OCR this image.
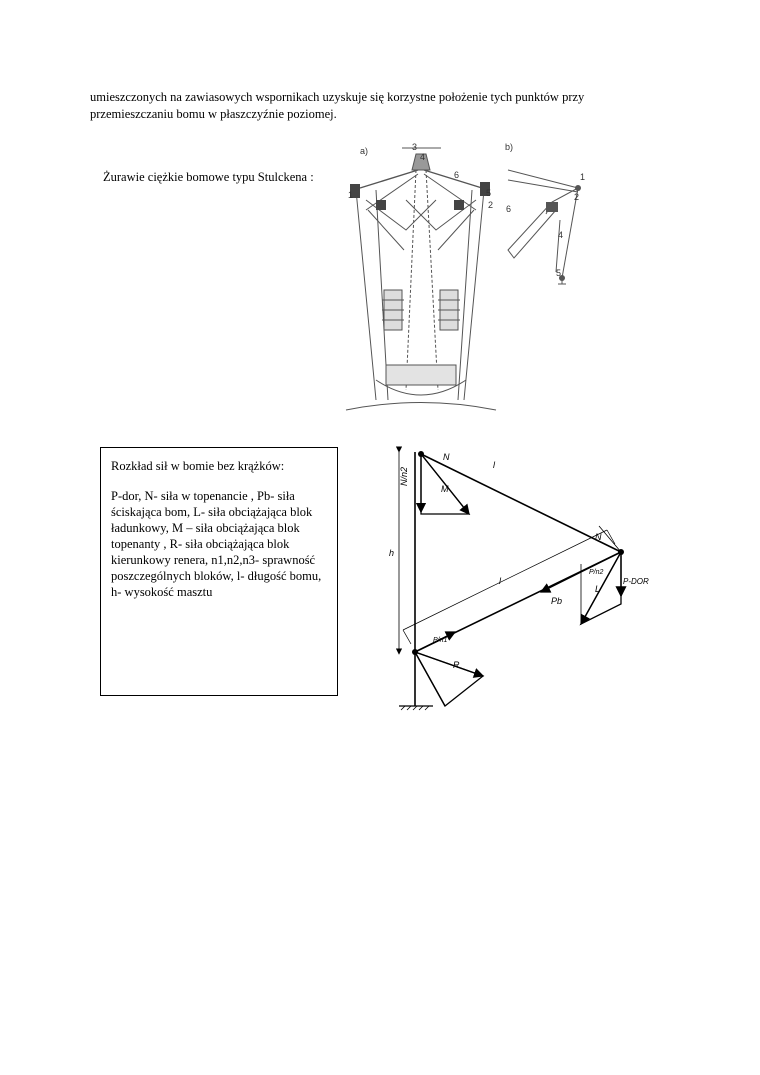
umieszczonych na zawiasowych wspornikach uzyskuje się korzystne położenie tych punktów przy przemieszczaniu bomu w płaszczyźnie poziomej.
Żurawie ciężkie bomowe typu Stulckena :
a)	3
4
6
5
2
1
b)
1
2
6
4
5
Rozkład sił w bomie bez krążków:
P-dor, N- siła w topenancie , Pb- siła ściskająca bom, L- siła obciążająca blok ładunkowy, M – siła obciążająca blok topenanty , R- siła obciążająca blok kierunkowy renera, n1,n2,n3- sprawność poszczególnych bloków, l- długość bomu, h- wysokość masztu
N
l
M
N/n2
h
l
N
P-DOR
Pb
L
P/n2
P/n1
R
